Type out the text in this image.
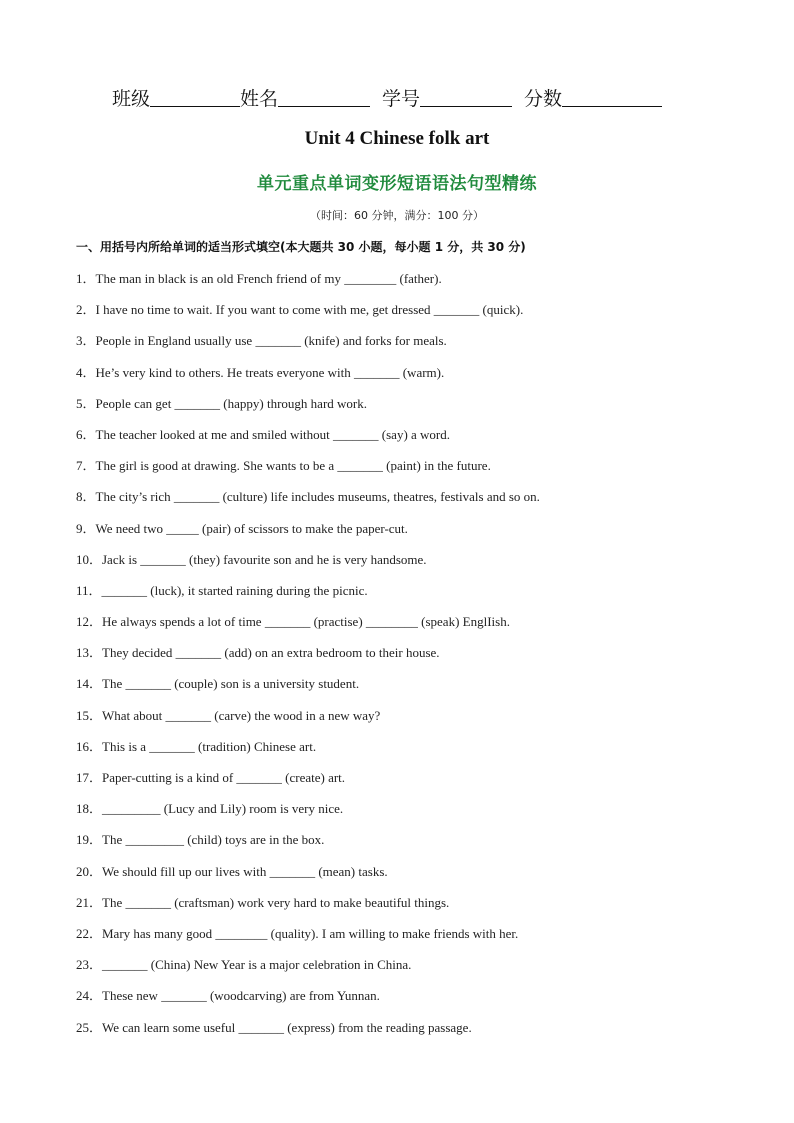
班级	姓名	学号	分数
Unit 4 Chinese folk art
单元重点单词变形短语语法句型精练
（时间：60 分钟，满分：100 分）
一、用括号内所给单词的适当形式填空(本大题共 30 小题，每小题 1 分，共 30 分)
1．The man in black is an old French friend of my ________ (father).
2．I have no time to wait. If you want to come with me, get dressed _______ (quick).
3．People in England usually use _______ (knife) and forks for meals.
4．He’s very kind to others. He treats everyone with _______ (warm).
5．People can get _______ (happy) through hard work.
6．The teacher looked at me and smiled without _______ (say) a word.
7．The girl is good at drawing. She wants to be a _______ (paint) in the future.
8．The city’s rich _______ (culture) life includes museums, theatres, festivals and so on.
9．We need two _____ (pair) of scissors to make the paper-cut.
10．Jack is _______ (they) favourite son and he is very handsome.
11．_______ (luck), it started raining during the picnic.
12．He always spends a lot of time _______ (practise) ________ (speak) EnglIish.
13．They decided _______ (add) on an extra bedroom to their house.
14．The _______ (couple) son is a university student.
15．What about _______ (carve) the wood in a new way?
16．This is a _______ (tradition) Chinese art.
17．Paper-cutting is a kind of _______ (create) art.
18．_________ (Lucy and Lily) room is very nice.
19．The _________ (child) toys are in the box.
20．We should fill up our lives with _______ (mean) tasks.
21．The _______ (craftsman) work very hard to make beautiful things.
22．Mary has many good ________ (quality). I am willing to make friends with her.
23．_______ (China) New Year is a major celebration in China.
24．These new _______ (woodcarving) are from Yunnan.
25．We can learn some useful _______ (express) from the reading passage.
